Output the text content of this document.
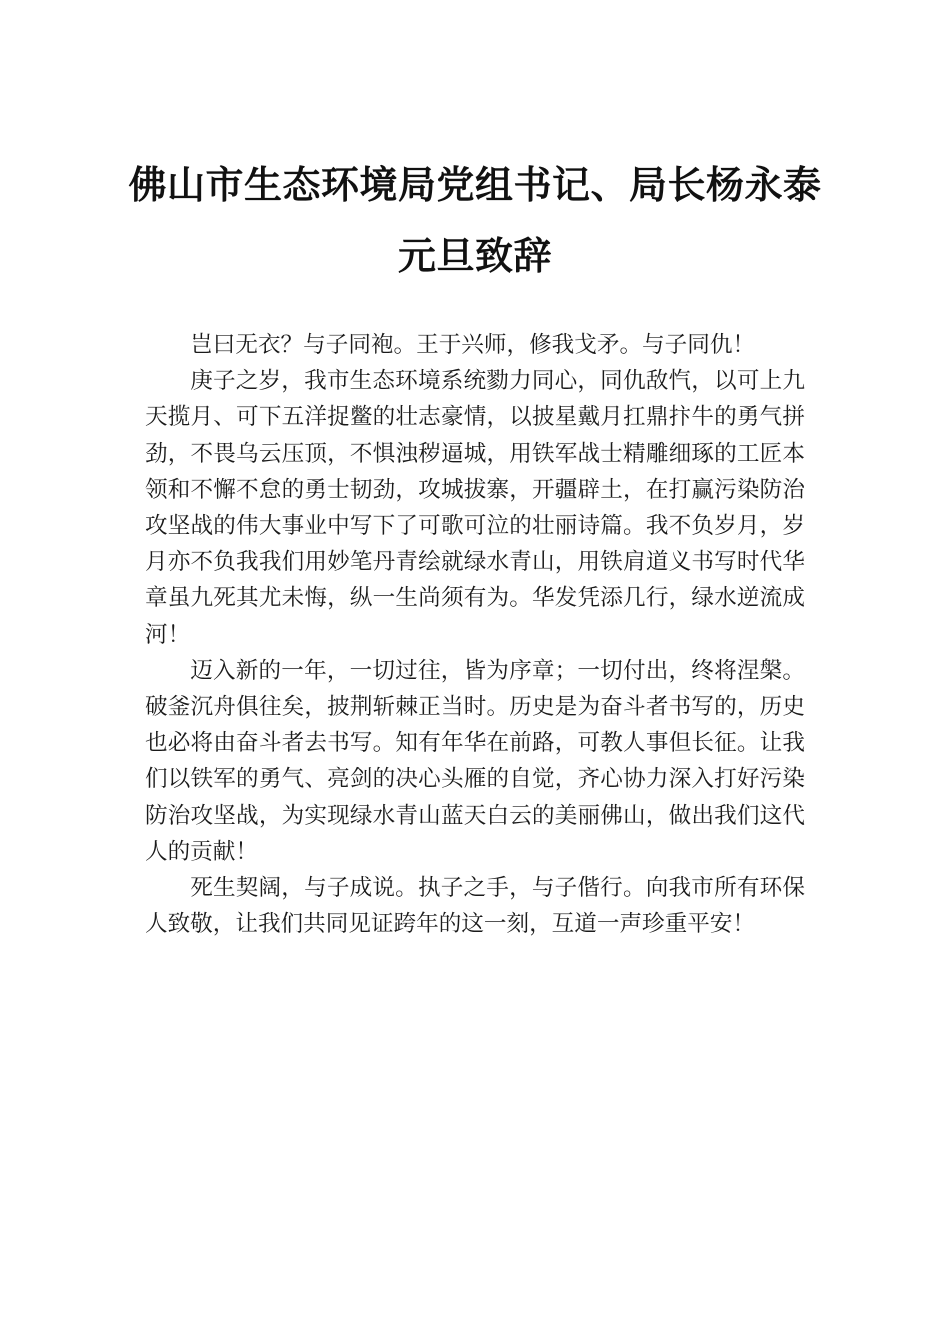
佛山市生态环境局党组书记、局长杨永泰
元旦致辞

岂曰无衣？与子同袍。王于兴师，修我戈矛。与子同仇！

庚子之岁，我市生态环境系统勠力同心，同仇敌忾，以可上九天揽月、可下五洋捉鳖的壮志豪情，以披星戴月扛鼎抃牛的勇气拼劲，不畏乌云压顶，不惧浊秽逼城，用铁军战士精雕细琢的工匠本领和不懈不怠的勇士韧劲，攻城拔寨，开疆辟土，在打赢污染防治攻坚战的伟大事业中写下了可歌可泣的壮丽诗篇。我不负岁月，岁月亦不负我我们用妙笔丹青绘就绿水青山，用铁肩道义书写时代华章虽九死其尤未悔，纵一生尚须有为。华发凭添几行，绿水逆流成河！

迈入新的一年，一切过往，皆为序章；一切付出，终将涅槃。破釜沉舟俱往矣，披荆斩棘正当时。历史是为奋斗者书写的，历史也必将由奋斗者去书写。知有年华在前路，可教人事但长征。让我们以铁军的勇气、亮剑的决心头雁的自觉，齐心协力深入打好污染防治攻坚战，为实现绿水青山蓝天白云的美丽佛山，做出我们这代人的贡献！

死生契阔，与子成说。执子之手，与子偕行。向我市所有环保人致敬，让我们共同见证跨年的这一刻，互道一声珍重平安！
